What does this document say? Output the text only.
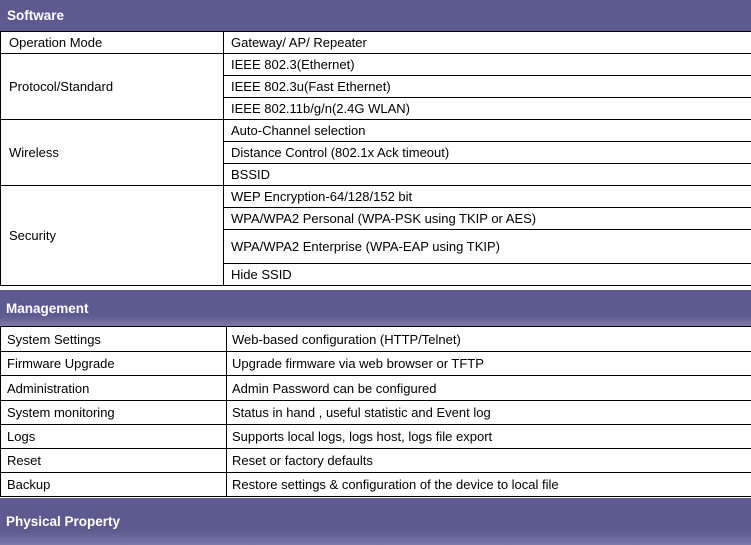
Software
Operation Mode	Gateway/ AP/ Repeater
Protocol/Standard	IEEE 802.3(Ethernet)
	IEEE 802.3u(Fast Ethernet)
	IEEE 802.11b/g/n(2.4G WLAN)
Wireless	Auto-Channel selection
	Distance Control (802.1x Ack timeout)
	BSSID
Security	WEP Encryption-64/128/152 bit
	WPA/WPA2 Personal (WPA-PSK using TKIP or AES)
	WPA/WPA2 Enterprise (WPA-EAP using TKIP)
	Hide SSID
Management
System Settings	Web-based configuration (HTTP/Telnet)
Firmware Upgrade	Upgrade firmware via web browser or TFTP
Administration	Admin Password can be configured
System monitoring	Status in hand , useful statistic and Event log
Logs	Supports local logs, logs host, logs file export
Reset	Reset or factory defaults
Backup	Restore settings & configuration of the device to local file
Physical Property
